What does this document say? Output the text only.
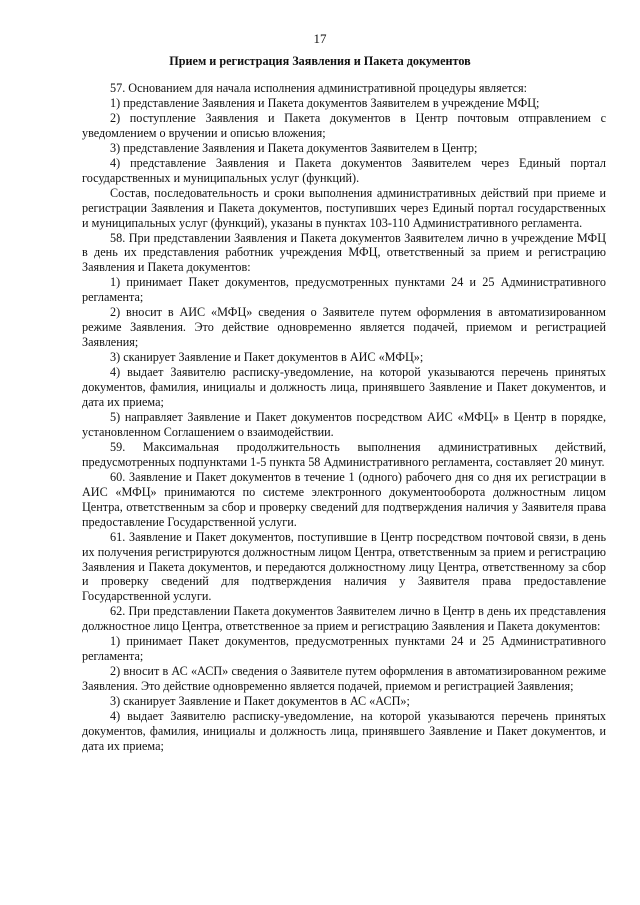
17
Прием и регистрация Заявления и Пакета документов

57. Основанием для начала исполнения административной процедуры является:

1) представление Заявления и Пакета документов Заявителем в учреждение МФЦ;

2) поступление Заявления и Пакета документов в Центр почтовым отправлением с уведомлением о вручении и описью вложения;

3) представление Заявления и Пакета документов Заявителем в Центр;

4) представление Заявления и Пакета документов Заявителем через Единый портал государственных и муниципальных услуг (функций).

Состав, последовательность и сроки выполнения административных действий при приеме и регистрации Заявления и Пакета документов, поступивших через Единый портал государственных и муниципальных услуг (функций), указаны в пунктах 103-110 Административного регламента.

58. При представлении Заявления и Пакета документов Заявителем лично в учреждение МФЦ в день их представления работник учреждения МФЦ, ответственный за прием и регистрацию Заявления и Пакета документов:

1) принимает Пакет документов, предусмотренных пунктами 24 и 25 Административного регламента;

2) вносит в АИС «МФЦ» сведения о Заявителе путем оформления в автоматизированном режиме Заявления. Это действие одновременно является подачей, приемом и регистрацией Заявления;

3) сканирует Заявление и Пакет документов в АИС «МФЦ»;

4) выдает Заявителю расписку-уведомление, на которой указываются перечень принятых документов, фамилия, инициалы и должность лица, принявшего Заявление и Пакет документов, и дата их приема;

5) направляет Заявление и Пакет документов посредством АИС «МФЦ» в Центр в порядке, установленном Соглашением о взаимодействии.

59. Максимальная продолжительность выполнения административных действий, предусмотренных подпунктами 1-5 пункта 58 Административного регламента, составляет 20 минут.

60. Заявление и Пакет документов в течение 1 (одного) рабочего дня со дня их регистрации в АИС «МФЦ» принимаются по системе электронного документооборота должностным лицом Центра, ответственным за сбор и проверку сведений для подтверждения наличия у Заявителя права предоставление Государственной услуги.

61. Заявление и Пакет документов, поступившие в Центр посредством почтовой связи, в день их получения регистрируются должностным лицом Центра, ответственным за прием и регистрацию Заявления и Пакета документов, и передаются должностному лицу Центра, ответственному за сбор и проверку сведений для подтверждения наличия у Заявителя права предоставление Государственной услуги.

62. При представлении Пакета документов Заявителем лично в Центр в день их представления должностное лицо Центра, ответственное за прием и регистрацию Заявления и Пакета документов:

1) принимает Пакет документов, предусмотренных пунктами 24 и 25 Административного регламента;

2) вносит в АС «АСП» сведения о Заявителе путем оформления в автоматизированном режиме Заявления. Это действие одновременно является подачей, приемом и регистрацией Заявления;

3) сканирует Заявление и Пакет документов в АС «АСП»;

4) выдает Заявителю расписку-уведомление, на которой указываются перечень принятых документов, фамилия, инициалы и должность лица, принявшего Заявление и Пакет документов, и дата их приема;
